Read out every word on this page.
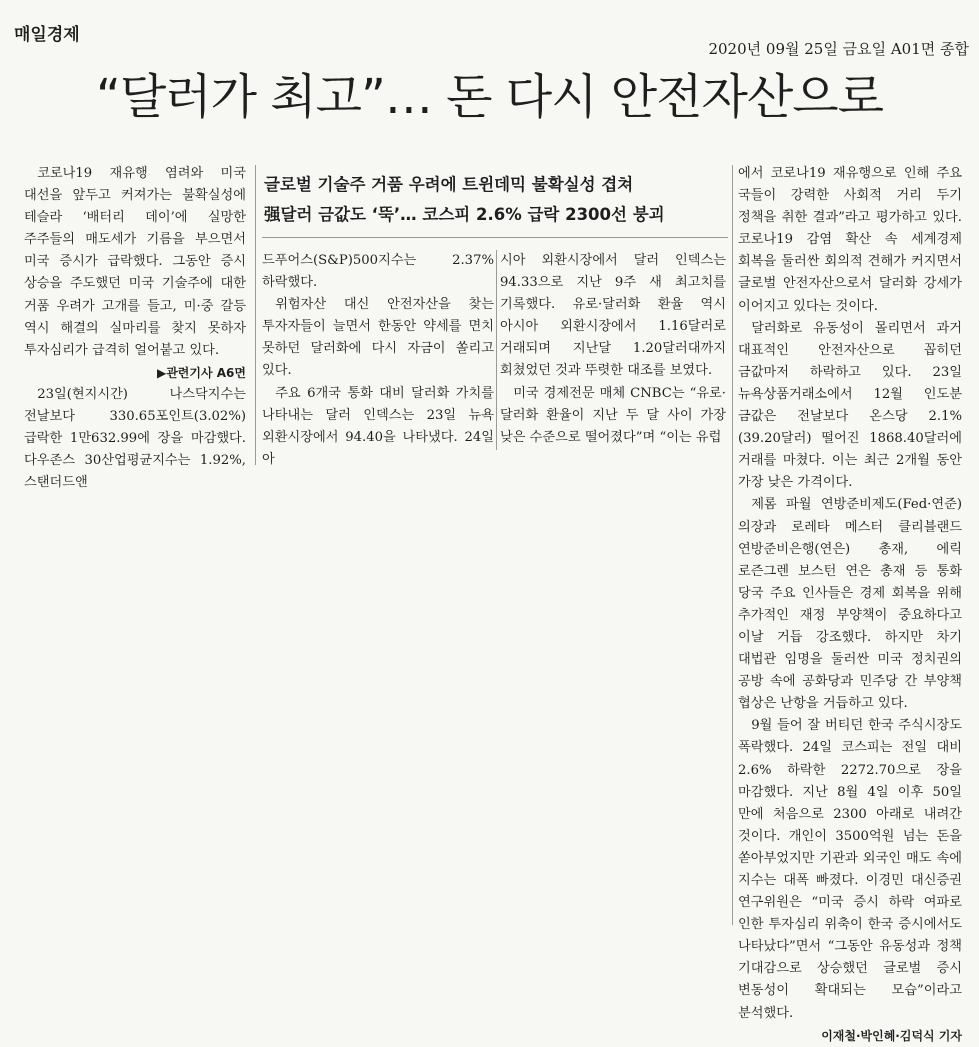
매일경제
2020년 09월 25일 금요일 A01면 종합
“달러가 최고”… 돈 다시 안전자산으로

코로나19 재유행 염려와 미국 대선을 앞두고 커져가는 불확실성에 테슬라 ‘배터리 데이’에 실망한 주주들의 매도세가 기름을 부으면서 미국 증시가 급락했다. 그동안 증시 상승을 주도했던 미국 기술주에 대한 거품 우려가 고개를 들고, 미·중 갈등 역시 해결의 실마리를 찾지 못하자 투자심리가 급격히 얼어붙고 있다.

▶관련기사 A6면

23일(현지시간) 나스닥지수는 전날보다 330.65포인트(3.02%) 급락한 1만632.99에 장을 마감했다. 다우존스 30산업평균지수는 1.92%, 스탠더드앤

글로벌 기술주 거품 우려에 트윈데믹 불확실성 겹쳐
强달러 금값도 ‘뚝’… 코스피 2.6% 급락 2300선 붕괴

드푸어스(S&P)500지수는 2.37% 하락했다.

위험자산 대신 안전자산을 찾는 투자자들이 늘면서 한동안 약세를 면치 못하던 달러화에 다시 자금이 쏠리고 있다.

주요 6개국 통화 대비 달러화 가치를 나타내는 달러 인덱스는 23일 뉴욕 외환시장에서 94.40을 나타냈다. 24일 아

시아 외환시장에서 달러 인덱스는 94.33으로 지난 9주 새 최고치를 기록했다. 유로·달러화 환율 역시 아시아 외환시장에서 1.16달러로 거래되며 지난달 1.20달러대까지 회쳤었던 것과 뚜렷한 대조를 보였다.

미국 경제전문 매체 CNBC는 “유로·달러화 환율이 지난 두 달 사이 가장 낮은 수준으로 떨어졌다”며 “이는 유럽

에서 코로나19 재유행으로 인해 주요 국들이 강력한 사회적 거리 두기 정책을 취한 결과”라고 평가하고 있다. 코로나19 감염 확산 속 세계경제 회복을 둘러싼 회의적 견해가 커지면서 글로벌 안전자산으로서 달러화 강세가 이어지고 있다는 것이다.

달러화로 유동성이 몰리면서 과거 대표적인 안전자산으로 꼽히던 금값마저 하락하고 있다. 23일 뉴욕상품거래소에서 12월 인도분 금값은 전날보다 온스당 2.1%(39.20달러) 떨어진 1868.40달러에 거래를 마쳤다. 이는 최근 2개월 동안 가장 낮은 가격이다.

제롬 파월 연방준비제도(Fed·연준) 의장과 로레타 메스터 클리블랜드 연방준비은행(연은) 총재, 에릭 로즌그렌 보스턴 연은 총재 등 통화 당국 주요 인사들은 경제 회복을 위해 추가적인 재정 부양책이 중요하다고 이날 거듭 강조했다. 하지만 차기 대법관 임명을 둘러싼 미국 정치권의 공방 속에 공화당과 민주당 간 부양책 협상은 난항을 거듭하고 있다.

9월 들어 잘 버티던 한국 주식시장도 폭락했다. 24일 코스피는 전일 대비 2.6% 하락한 2272.70으로 장을 마감했다. 지난 8월 4일 이후 50일 만에 처음으로 2300 아래로 내려간 것이다. 개인이 3500억원 넘는 돈을 쏟아부었지만 기관과 외국인 매도 속에 지수는 대폭 빠졌다. 이경민 대신증권 연구위원은 “미국 증시 하락 여파로 인한 투자심리 위축이 한국 증시에서도 나타났다”면서 “그동안 유동성과 정책 기대감으로 상승했던 글로벌 증시 변동성이 확대되는 모습”이라고 분석했다.

이재철·박인혜·김덕식 기자
